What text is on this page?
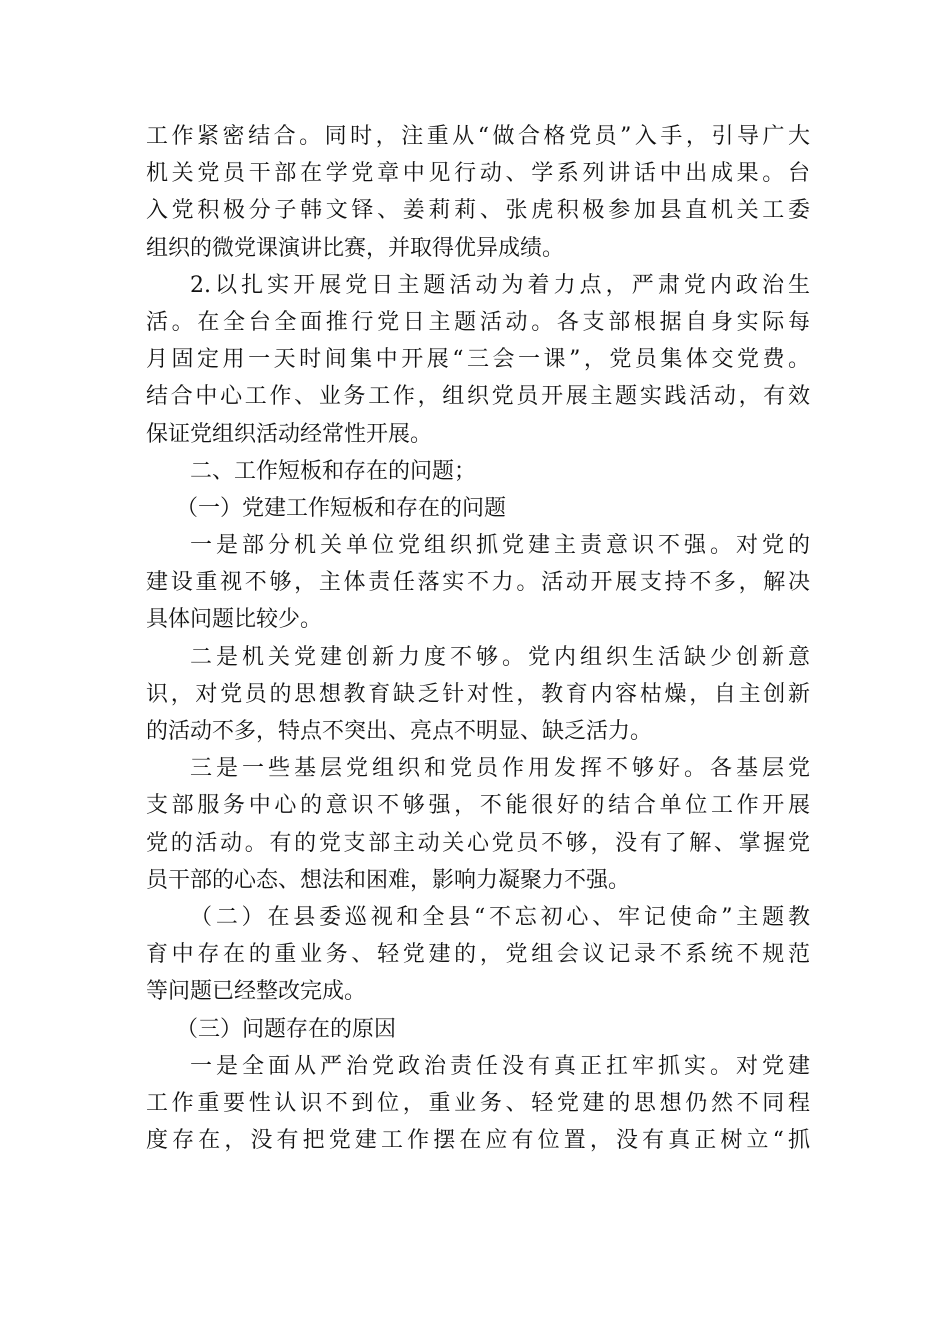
工作紧密结合。同时，注重从“做合格党员”入手，引导广大
机关党员干部在学党章中见行动、学系列讲话中出成果。台
入党积极分子韩文铎、姜莉莉、张虎积极参加县直机关工委
组织的微党课演讲比赛，并取得优异成绩。
2.以扎实开展党日主题活动为着力点，严肃党内政治生
活。在全台全面推行党日主题活动。各支部根据自身实际每
月固定用一天时间集中开展“三会一课”，党员集体交党费。
结合中心工作、业务工作，组织党员开展主题实践活动，有效
保证党组织活动经常性开展。
二、工作短板和存在的问题；
（一）党建工作短板和存在的问题
一是部分机关单位党组织抓党建主责意识不强。对党的
建设重视不够，主体责任落实不力。活动开展支持不多，解决
具体问题比较少。
二是机关党建创新力度不够。党内组织生活缺少创新意
识，对党员的思想教育缺乏针对性，教育内容枯燥，自主创新
的活动不多，特点不突出、亮点不明显、缺乏活力。
三是一些基层党组织和党员作用发挥不够好。各基层党
支部服务中心的意识不够强，不能很好的结合单位工作开展
党的活动。有的党支部主动关心党员不够，没有了解、掌握党
员干部的心态、想法和困难，影响力凝聚力不强。
（二）在县委巡视和全县“不忘初心、牢记使命”主题教
育中存在的重业务、轻党建的，党组会议记录不系统不规范
等问题已经整改完成。
（三）问题存在的原因
一是全面从严治党政治责任没有真正扛牢抓实。对党建
工作重要性认识不到位，重业务、轻党建的思想仍然不同程
度存在，没有把党建工作摆在应有位置，没有真正树立“抓
